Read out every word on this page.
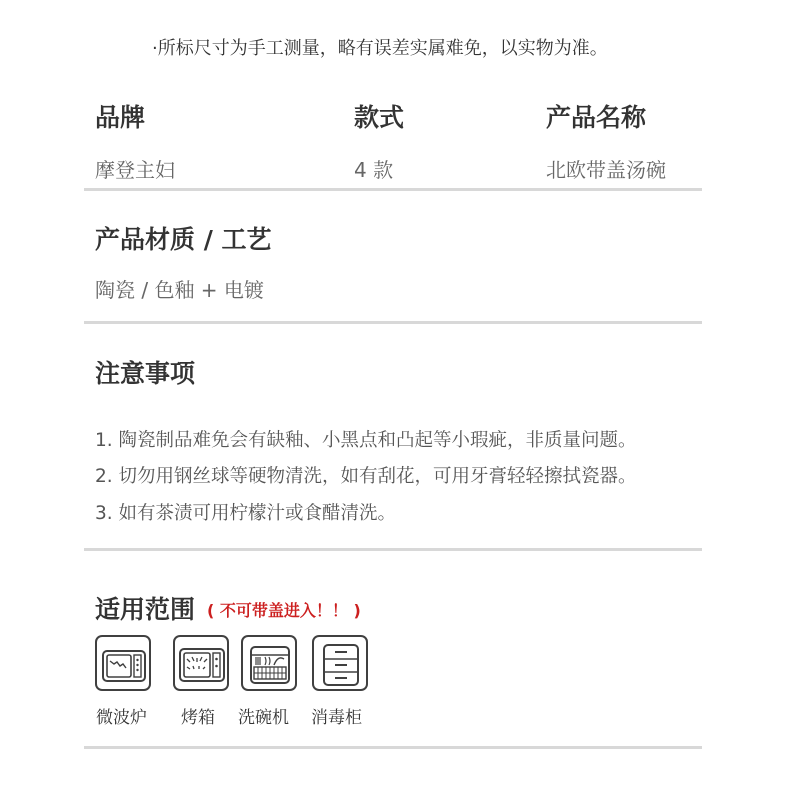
·所标尺寸为手工测量，略有误差实属难免，以实物为准。
品牌	款式	产品名称
摩登主妇	4 款	北欧带盖汤碗
产品材质 / 工艺
陶瓷 / 色釉 + 电镀
注意事项
1. 陶瓷制品难免会有缺釉、小黑点和凸起等小瑕疵，非质量问题。
2. 切勿用钢丝球等硬物清洗，如有刮花，可用牙膏轻轻擦拭瓷器。
3. 如有茶渍可用柠檬汁或食醋清洗。
适用范围 ( 不可带盖进入！！ )
微波炉 烤箱 洗碗机 消毒柜
